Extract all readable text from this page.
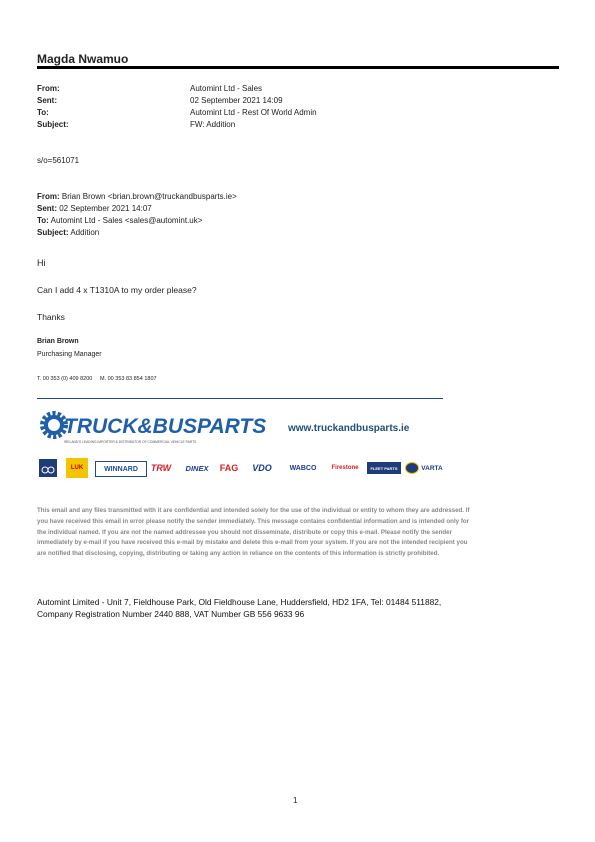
Magda Nwamuo
From:	Automint Ltd - Sales
Sent:	02 September 2021 14:09
To:	Automint Ltd - Rest Of World Admin
Subject:	FW: Addition
s/o=561071
From: Brian Brown <brian.brown@truckandbusparts.ie>
Sent: 02 September 2021 14:07
To: Automint Ltd - Sales <sales@automint.uk>
Subject: Addition
Hi
Can I add 4 x T1310A to my order please?
Thanks
Brian Brown
Purchasing Manager
T. 00 353 (0) 409 8200     M. 00 353 83 854 1807
TRUCK&BUSPARTS
IRELAND'S LEADING IMPORTER & DISTRIBUTOR OF COMMERCIAL VEHICLE PARTS
www.truckandbusparts.ie
LUK	WINNARD	TRW	DINEX	FAG	VDO	WABCO	Firestone	FLEET PARTS	VARTA
This email and any files transmitted with it are confidential and intended solely for the use of the individual or entity to whom they are addressed. If you have received this email in error please notify the sender immediately. This message contains confidential information and is intended only for the individual named. If you are not the named addressee you should not disseminate, distribute or copy this e-mail. Please notify the sender immediately by e-mail if you have received this e-mail by mistake and delete this e-mail from your system. If you are not the intended recipient you are notified that disclosing, copying, distributing or taking any action in reliance on the contents of this information is strictly prohibited.
Automint Limited - Unit 7, Fieldhouse Park, Old Fieldhouse Lane, Huddersfield, HD2 1FA, Tel: 01484 511882, Company Registration Number 2440 888, VAT Number GB 556 9633 96
1
